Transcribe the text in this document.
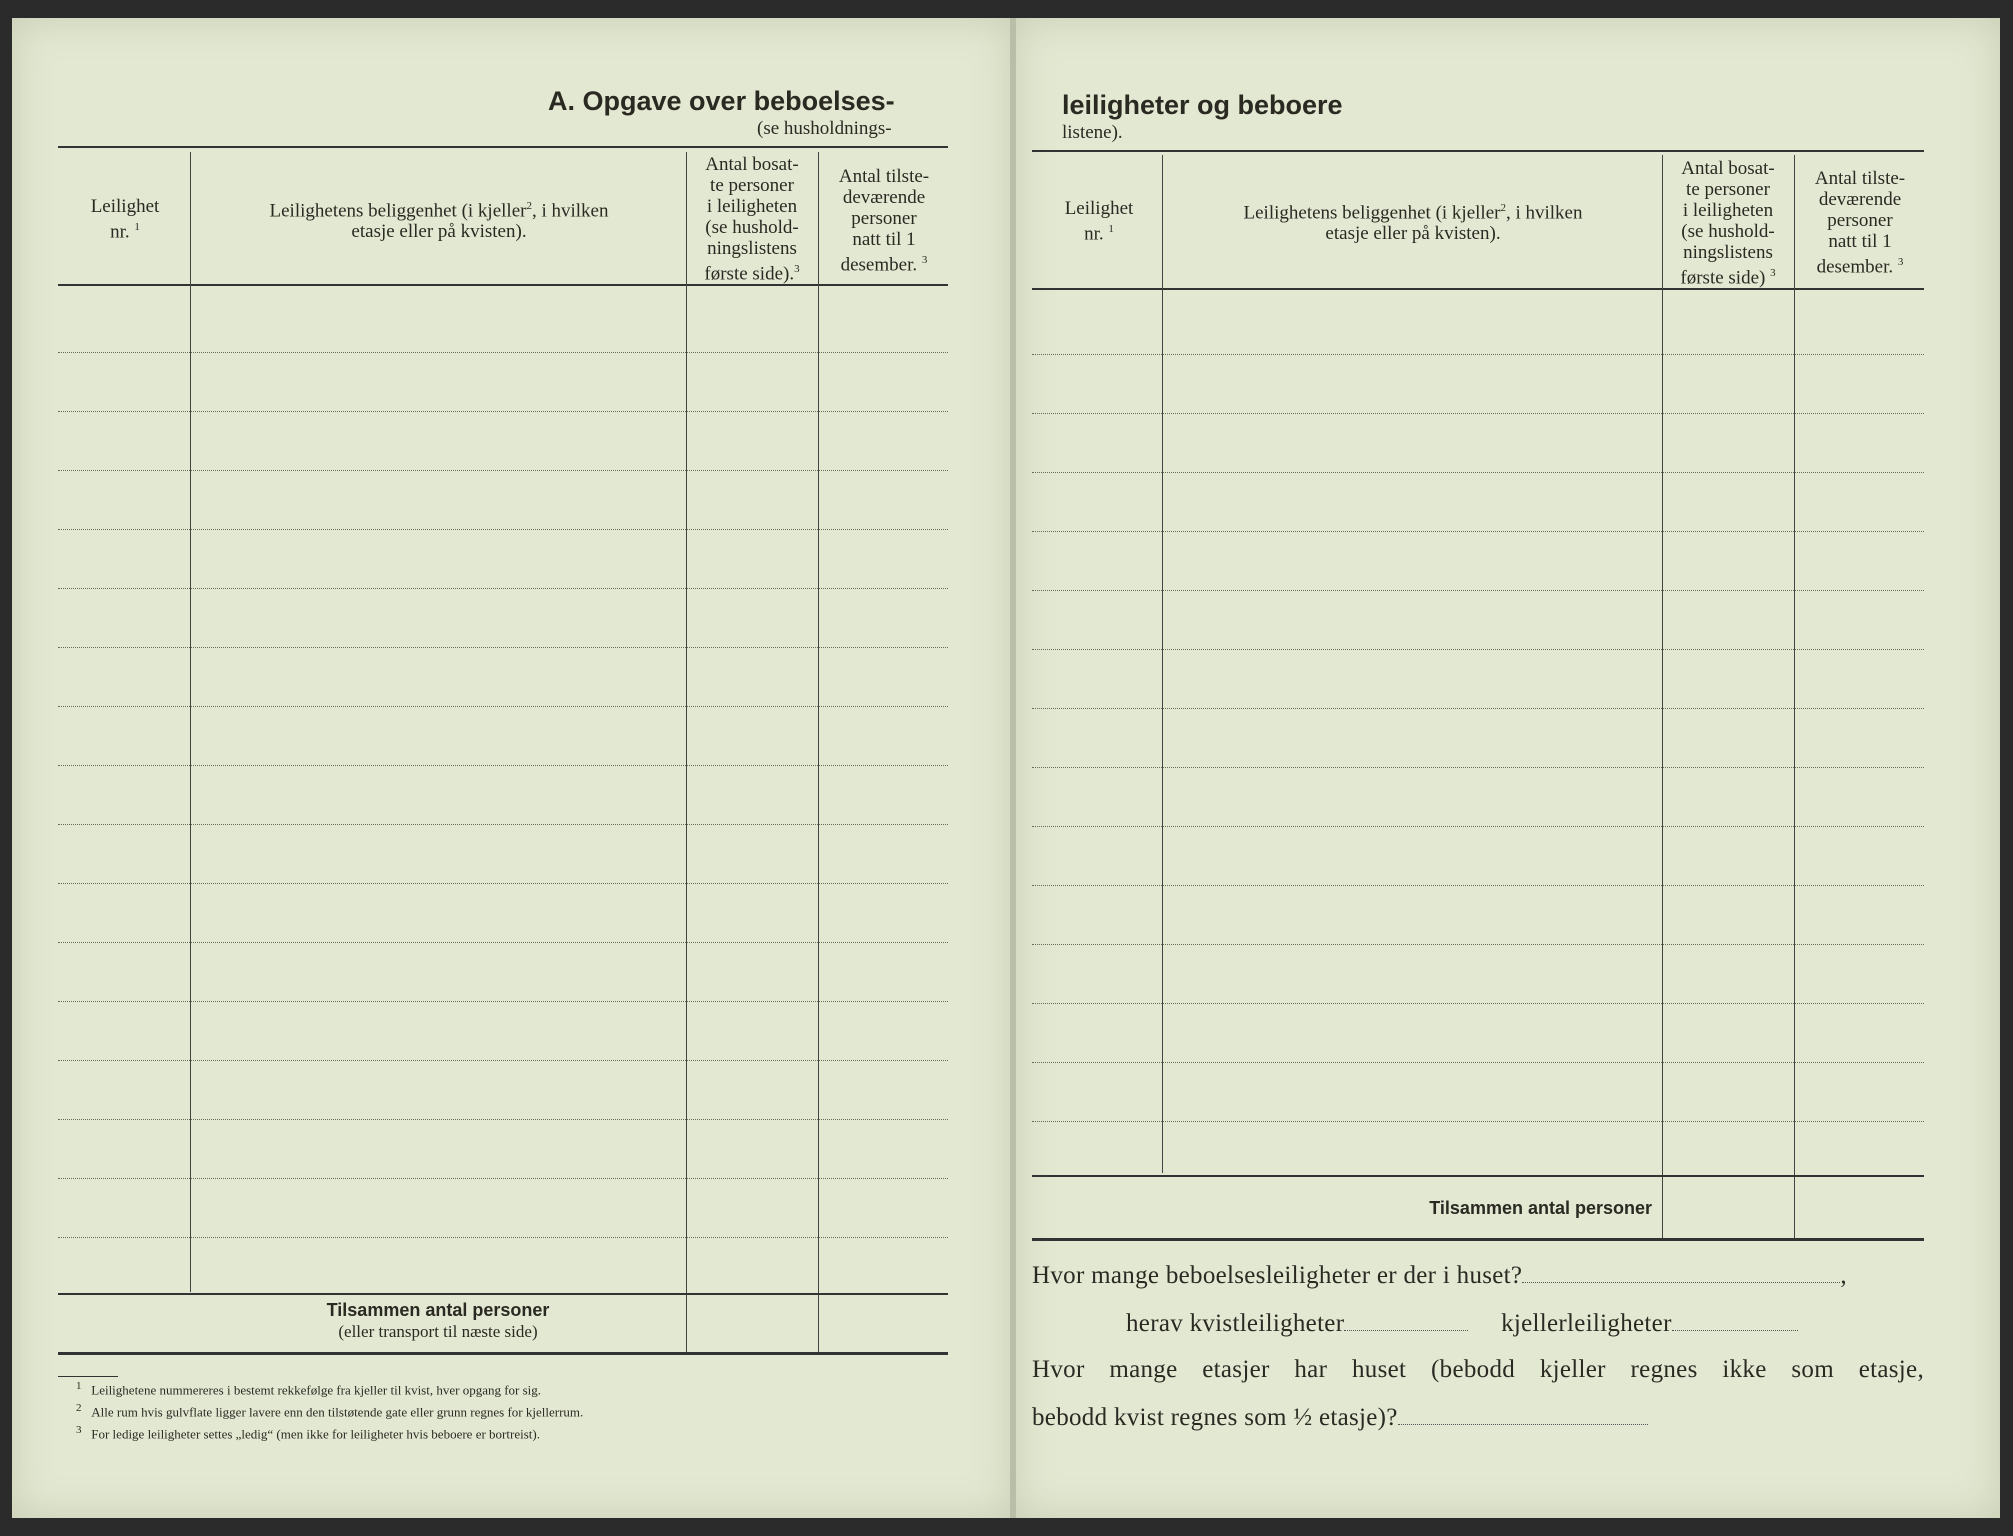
A. Opgave over beboelses-
(se husholdnings-
Leilighet
nr. $^1$
Leilighetens beliggenhet (i kjeller$^2$, i hvilken
etasje eller på kvisten).
Antal bosat-
te personer
i leiligheten
(se hushold-
ningslistens
første side).$^3$
Antal tilste-
deværende
personer
natt til 1
desember. $^3$
Tilsammen antal personer
(eller transport til næste side)
$^1$ Leilighetene nummereres i bestemt rekkefølge fra kjeller til kvist, hver opgang for sig.
$^2$ Alle rum hvis gulvflate ligger lavere enn den tilstøtende gate eller grunn regnes for kjellerrum.
$^3$ For ledige leiligheter settes „ledig“ (men ikke for leiligheter hvis beboere er bortreist).
leiligheter og beboere
listene).
Leilighet
nr. $^1$
Leilighetens beliggenhet (i kjeller$^2$, i hvilken
etasje eller på kvisten).
Antal bosat-
te personer
i leiligheten
(se hushold-
ningslistens
første side) $^3$
Antal tilste-
deværende
personer
natt til 1
desember. $^3$
Tilsammen antal personer
Hvor mange beboelsesleiligheter er der i huset?	,
herav kvistleiligheter	kjellerleiligheter
Hvor mange etasjer har huset (bebodd kjeller regnes ikke som etasje,
bebodd kvist regnes som ½ etasje)?
